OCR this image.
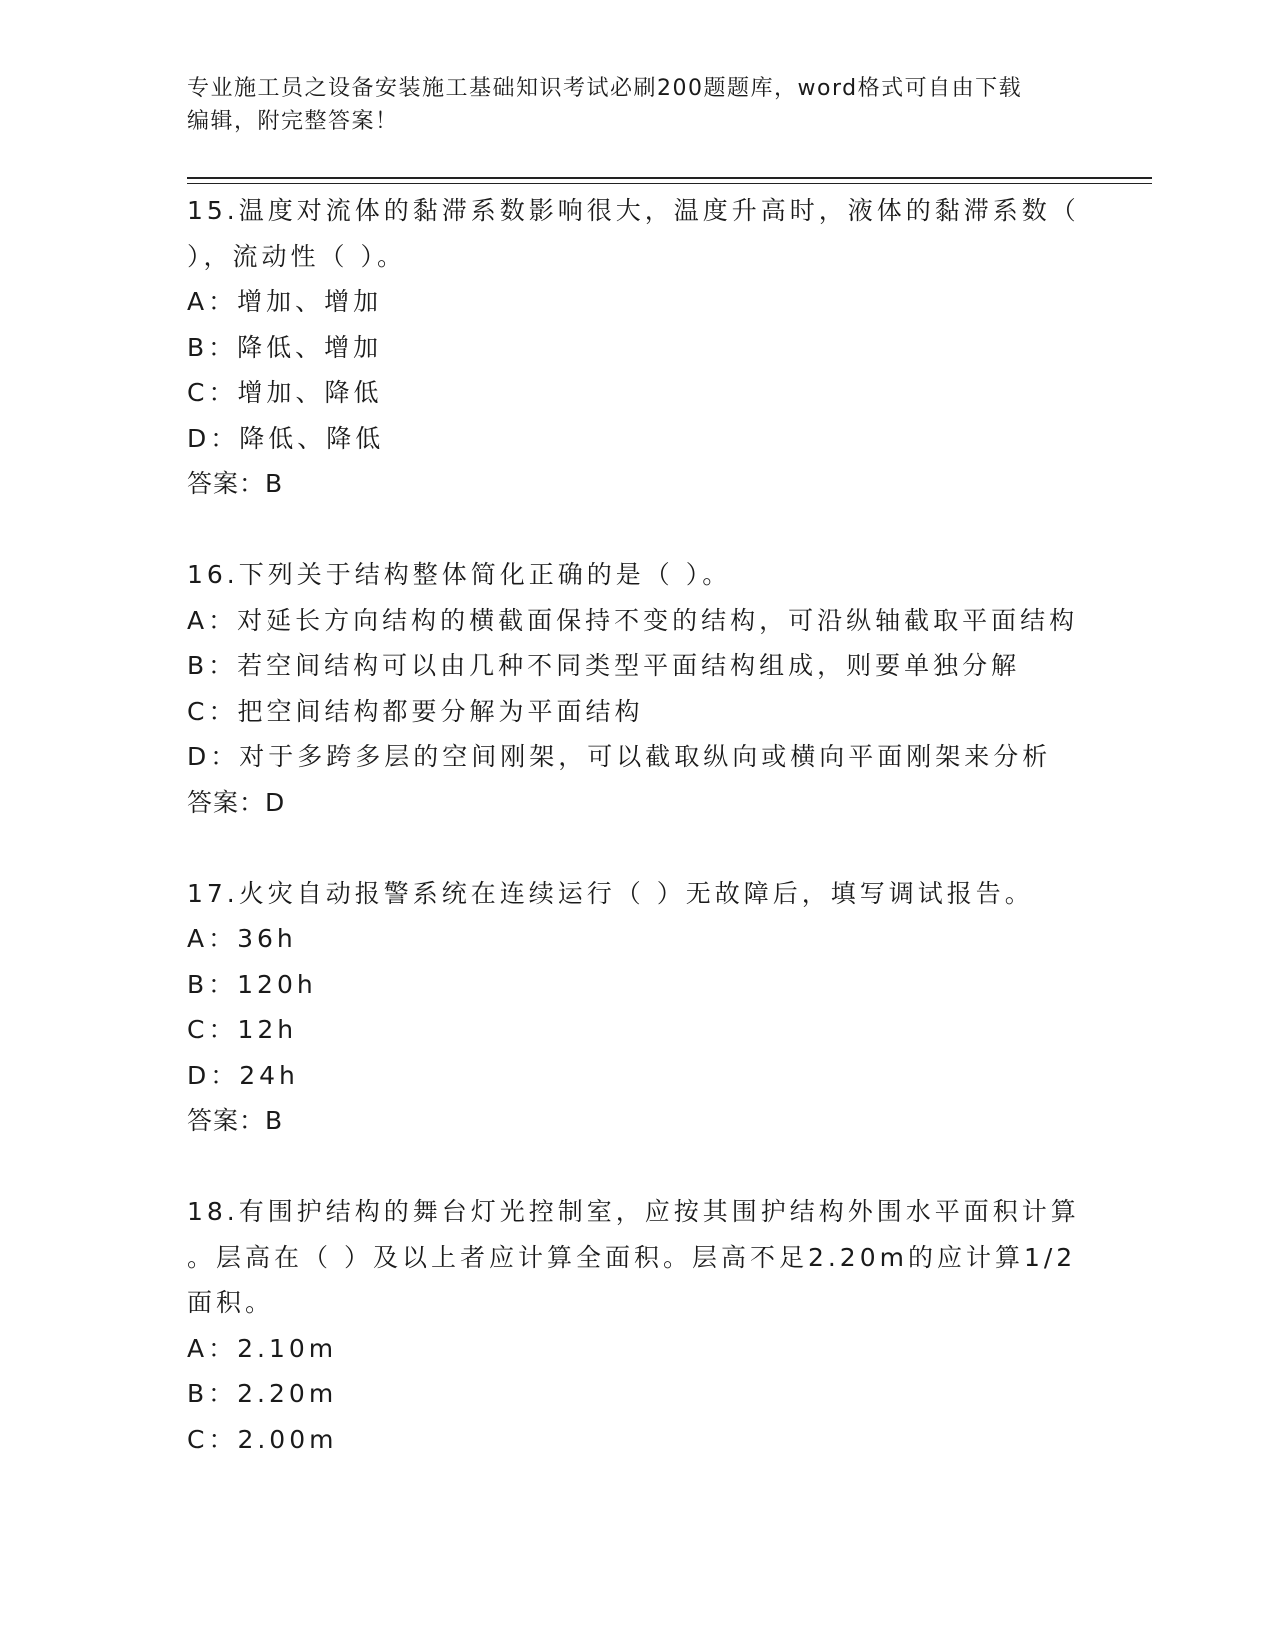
专业施工员之设备安装施工基础知识考试必刷200题题库，word格式可自由下载
编辑，附完整答案！
15.温度对流体的黏滞系数影响很大，温度升高时，液体的黏滞系数（
），流动性（ ）。
A：增加、增加
B：降低、增加
C：增加、降低
D：降低、降低
答案：B
16.下列关于结构整体简化正确的是（ ）。
A：对延长方向结构的横截面保持不变的结构，可沿纵轴截取平面结构
B：若空间结构可以由几种不同类型平面结构组成，则要单独分解
C：把空间结构都要分解为平面结构
D：对于多跨多层的空间刚架，可以截取纵向或横向平面刚架来分析
答案：D
17.火灾自动报警系统在连续运行（ ）无故障后，填写调试报告。
A：36h
B：120h
C：12h
D：24h
答案：B
18.有围护结构的舞台灯光控制室，应按其围护结构外围水平面积计算
。层高在（ ）及以上者应计算全面积。层高不足2.20m的应计算1/2
面积。
A：2.10m
B：2.20m
C：2.00m
